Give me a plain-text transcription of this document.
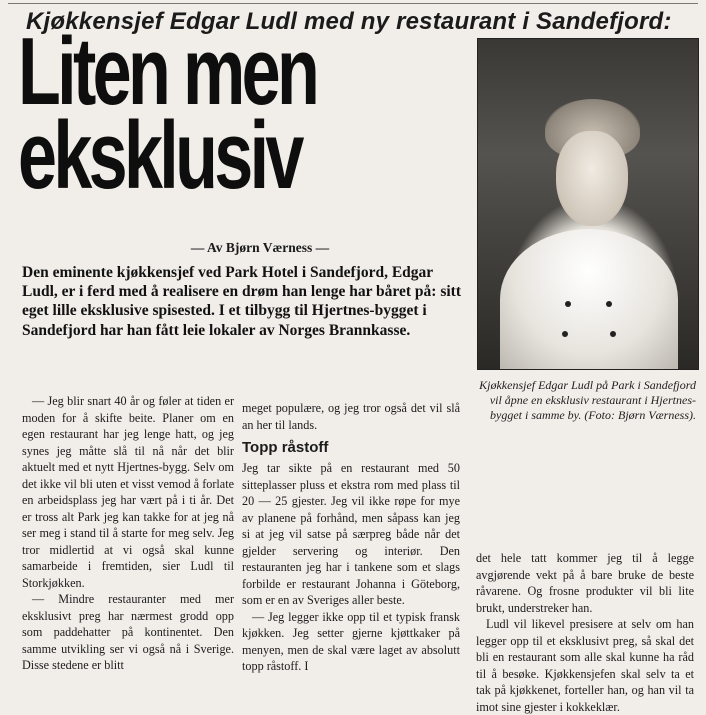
Kjøkkensjef Edgar Ludl med ny restaurant i Sandefjord:
Liten men
eksklusiv
— Av Bjørn Værness —
Kjøkkensjef Edgar Ludl på Park i Sandefjord vil åpne en eksklusiv restaurant i Hjertnes-bygget i samme by. (Foto: Bjørn Værness).
Den eminente kjøkkensjef ved Park Hotel i Sandefjord, Edgar Ludl, er i ferd med å realisere en drøm han lenge har båret på: sitt eget lille eksklusive spisested. I et tilbygg til Hjertnes-bygget i Sandefjord har han fått leie lokaler av Norges Brannkasse.

— Jeg blir snart 40 år og føler at tiden er moden for å skifte beite. Planer om en egen restaurant har jeg lenge hatt, og jeg synes jeg måtte slå til nå når det blir aktuelt med et nytt Hjertnes-bygg. Selv om det ikke vil bli uten et visst vemod å forlate en arbeidsplass jeg har vært på i ti år. Det er tross alt Park jeg kan takke for at jeg nå ser meg i stand til å starte for meg selv. Jeg tror midlertid at vi også skal kunne samarbeide i fremtiden, sier Ludl til Storkjøkken.

— Mindre restauranter med mer eksklusivt preg har nærmest grodd opp som paddehatter på kontinentet. Den samme utvikling ser vi også nå i Sverige. Disse stedene er blitt

meget populære, og jeg tror også det vil slå an her til lands.

Topp råstoff

Jeg tar sikte på en restaurant med 50 sitteplasser pluss et ekstra rom med plass til 20 — 25 gjester. Jeg vil ikke røpe for mye av planene på forhånd, men såpass kan jeg si at jeg vil satse på særpreg både når det gjelder servering og interiør. Den restauranten jeg har i tankene som et slags forbilde er restaurant Johanna i Göteborg, som er en av Sveriges aller beste.

— Jeg legger ikke opp til et typisk fransk kjøkken. Jeg setter gjerne kjøttkaker på menyen, men de skal være laget av absolutt topp råstoff. I

det hele tatt kommer jeg til å legge avgjørende vekt på å bare bruke de beste råvarene. Og frosne produkter vil bli lite brukt, understreker han.

Ludl vil likevel presisere at selv om han legger opp til et eksklusivt preg, så skal det bli en restaurant som alle skal kunne ha råd til å besøke. Kjøkkensjefen skal selv ta et tak på kjøkkenet, forteller han, og han vil ta imot sine gjester i kokkeklær.
